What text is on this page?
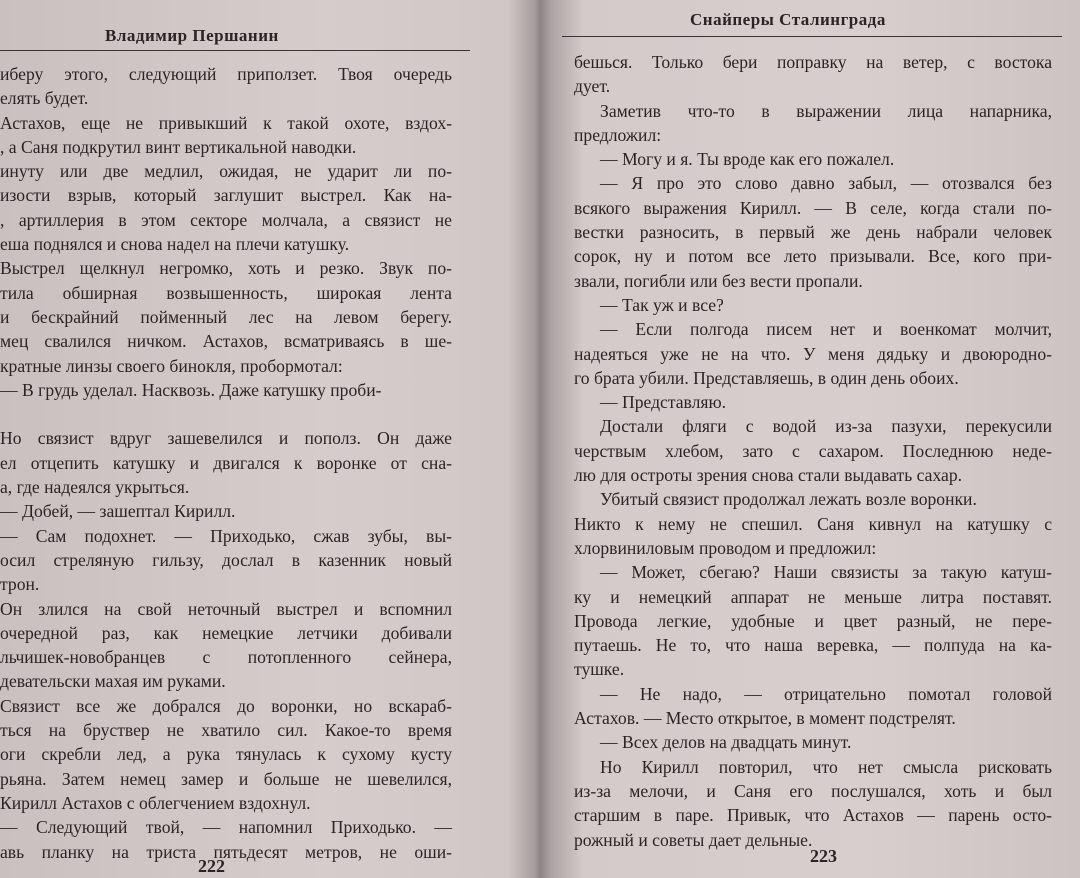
Владимир Першанин
иберу этого, следующий приползет. Твоя очередь
елять будет.
Астахов, еще не привыкший к такой охоте, вздох-
, а Саня подкрутил винт вертикальной наводки.
инуту или две медлил, ожидая, не ударит ли по-
изости взрыв, который заглушит выстрел. Как на-
, артиллерия в этом секторе молчала, а связист не
еша поднялся и снова надел на плечи катушку.
Выстрел щелкнул негромко, хоть и резко. Звук по-
тила обширная возвышенность, широкая лента
и бескрайний пойменный лес на левом берегу.
мец свалился ничком. Астахов, всматриваясь в ше-
кратные линзы своего бинокля, пробормотал:
— В грудь уделал. Насквозь. Даже катушку проби-
Но связист вдруг зашевелился и пополз. Он даже
ел отцепить катушку и двигался к воронке от сна-
а, где надеялся укрыться.
— Добей, — зашептал Кирилл.
— Сам подохнет. — Приходько, сжав зубы, вы-
осил стреляную гильзу, дослал в казенник новый
трон.
Он злился на свой неточный выстрел и вспомнил
очередной раз, как немецкие летчики добивали
льчишек-новобранцев с потопленного сейнера,
девательски махая им руками.
Связист все же добрался до воронки, но вскараб-
ться на бруствер не хватило сил. Какое-то время
оги скребли лед, а рука тянулась к сухому кусту
рьяна. Затем немец замер и больше не шевелился,
Кирилл Астахов с облегчением вздохнул.
— Следующий твой, — напомнил Приходько. —
авь планку на триста пятьдесят метров, не оши-
222
Снайперы Сталинграда
бешься. Только бери поправку на ветер, с востока
дует.
Заметив что-то в выражении лица напарника,
предложил:
— Могу и я. Ты вроде как его пожалел.
— Я про это слово давно забыл, — отозвался без
всякого выражения Кирилл. — В селе, когда стали по-
вестки разносить, в первый же день набрали человек
сорок, ну и потом все лето призывали. Все, кого при-
звали, погибли или без вести пропали.
— Так уж и все?
— Если полгода писем нет и военкомат молчит,
надеяться уже не на что. У меня дядьку и двоюродно-
го брата убили. Представляешь, в один день обоих.
— Представляю.
Достали фляги с водой из-за пазухи, перекусили
черствым хлебом, зато с сахаром. Последнюю неде-
лю для остроты зрения снова стали выдавать сахар.
Убитый связист продолжал лежать возле воронки.
Никто к нему не спешил. Саня кивнул на катушку с
хлорвиниловым проводом и предложил:
— Может, сбегаю? Наши связисты за такую катуш-
ку и немецкий аппарат не меньше литра поставят.
Провода легкие, удобные и цвет разный, не пере-
путаешь. Не то, что наша веревка, — полпуда на ка-
тушке.
— Не надо, — отрицательно помотал головой
Астахов. — Место открытое, в момент подстрелят.
— Всех делов на двадцать минут.
Но Кирилл повторил, что нет смысла рисковать
из-за мелочи, и Саня его послушался, хоть и был
старшим в паре. Привык, что Астахов — парень осто-
рожный и советы дает дельные.
223
